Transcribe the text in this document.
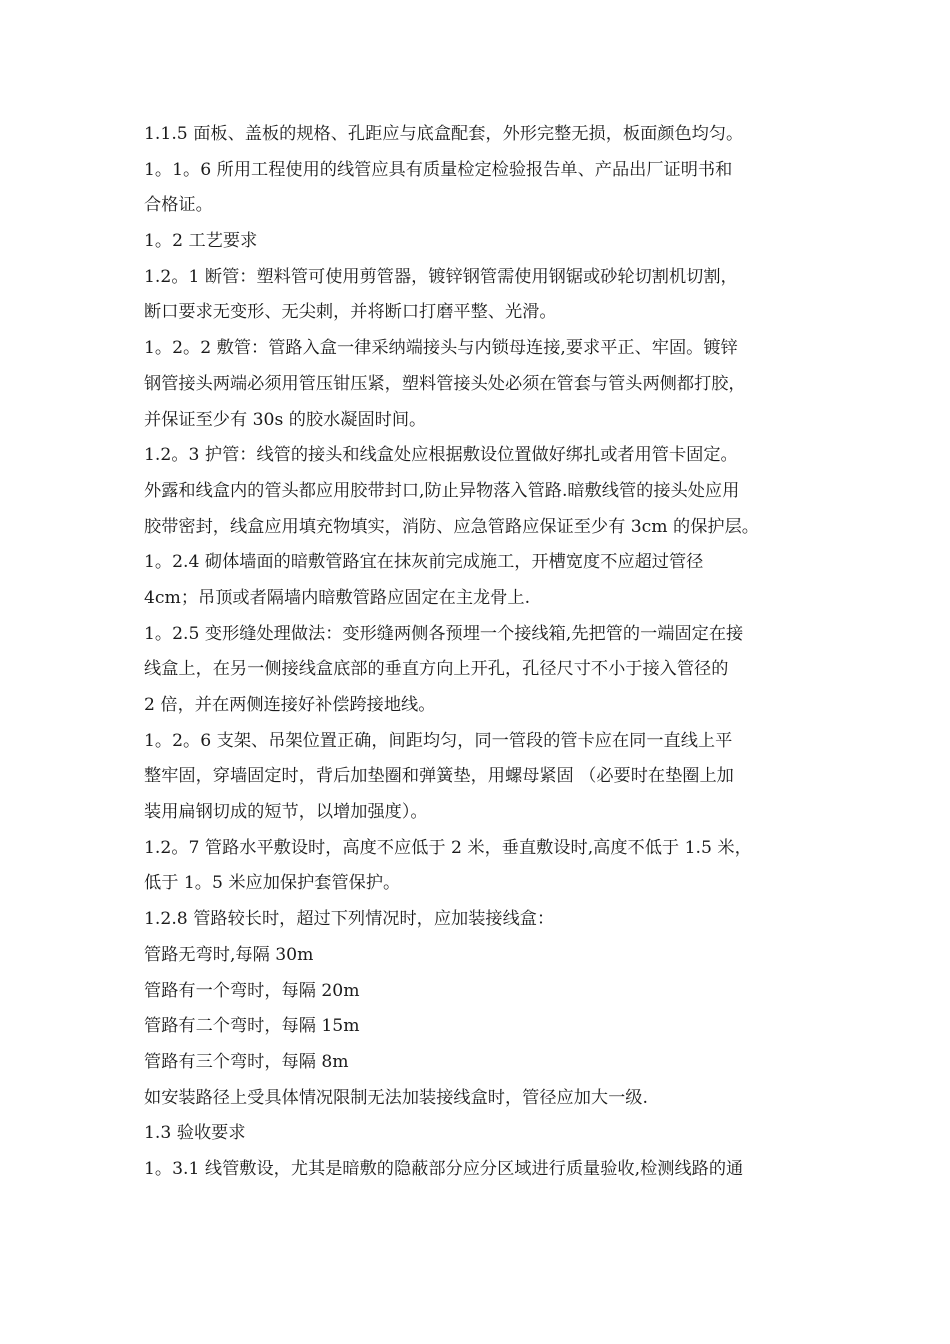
1.1.5 面板、盖板的规格、孔距应与底盒配套，外形完整无损，板面颜色均匀。
1。1。6 所用工程使用的线管应具有质量检定检验报告单、产品出厂证明书和
合格证。
1。2 工艺要求
1.2。1 断管：塑料管可使用剪管器，镀锌钢管需使用钢锯或砂轮切割机切割，
断口要求无变形、无尖刺，并将断口打磨平整、光滑。
1。2。2 敷管：管路入盒一律采纳端接头与内锁母连接,要求平正、牢固。镀锌
钢管接头两端必须用管压钳压紧，塑料管接头处必须在管套与管头两侧都打胶，
并保证至少有 30s 的胶水凝固时间。
1.2。3 护管：线管的接头和线盒处应根据敷设位置做好绑扎或者用管卡固定。
外露和线盒内的管头都应用胶带封口,防止异物落入管路.暗敷线管的接头处应用
胶带密封，线盒应用填充物填实，消防、应急管路应保证至少有 3cm 的保护层。
1。2.4 砌体墙面的暗敷管路宜在抹灰前完成施工，开槽宽度不应超过管径
4cm；吊顶或者隔墙内暗敷管路应固定在主龙骨上.
1。2.5 变形缝处理做法：变形缝两侧各预埋一个接线箱,先把管的一端固定在接
线盒上，在另一侧接线盒底部的垂直方向上开孔，孔径尺寸不小于接入管径的
2 倍，并在两侧连接好补偿跨接地线。
1。2。6 支架、吊架位置正确，间距均匀，同一管段的管卡应在同一直线上平
整牢固，穿墙固定时，背后加垫圈和弹簧垫，用螺母紧固 （必要时在垫圈上加
装用扁钢切成的短节，以增加强度）。
1.2。7 管路水平敷设时，高度不应低于 2 米，垂直敷设时,高度不低于 1.5 米，
低于 1。5 米应加保护套管保护。
1.2.8 管路较长时，超过下列情况时，应加装接线盒：
管路无弯时,每隔 30m
管路有一个弯时，每隔 20m
管路有二个弯时，每隔 15m
管路有三个弯时，每隔 8m
如安装路径上受具体情况限制无法加装接线盒时，管径应加大一级.
1.3 验收要求
1。3.1 线管敷设，尤其是暗敷的隐蔽部分应分区域进行质量验收,检测线路的通
